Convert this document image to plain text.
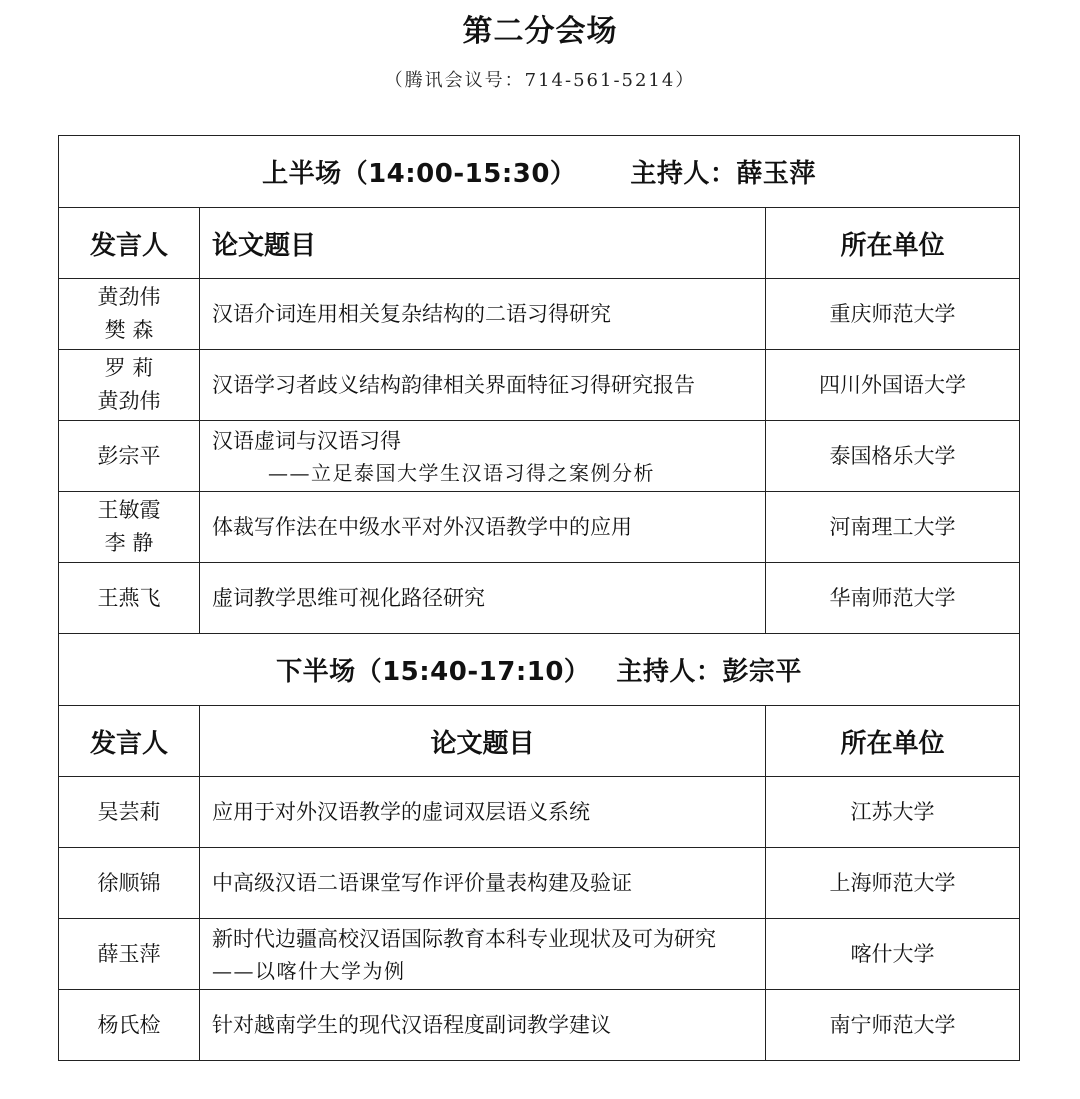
第二分会场
（腾讯会议号：714-561-5214）
上半场（14:00-15:30） 主持人：薛玉萍		
发言人	论文题目	所在单位

黄劲伟
樊 森	汉语介词连用相关复杂结构的二语习得研究	重庆师范大学

罗 莉
黄劲伟	汉语学习者歧义结构韵律相关界面特征习得研究报告	四川外国语大学

彭宗平	汉语虚词与汉语习得
——立足泰国大学生汉语习得之案例分析	泰国格乐大学

王敏霞
李 静	体裁写作法在中级水平对外汉语教学中的应用	河南理工大学

王燕飞	虚词教学思维可视化路径研究	华南师范大学
下半场（15:40-17:10） 主持人：彭宗平		
发言人	论文题目	所在单位

吴芸莉	应用于对外汉语教学的虚词双层语义系统	江苏大学

徐顺锦	中高级汉语二语课堂写作评价量表构建及验证	上海师范大学

薛玉萍	新时代边疆高校汉语国际教育本科专业现状及可为研究
——以喀什大学为例	喀什大学

杨氏检	针对越南学生的现代汉语程度副词教学建议	南宁师范大学
